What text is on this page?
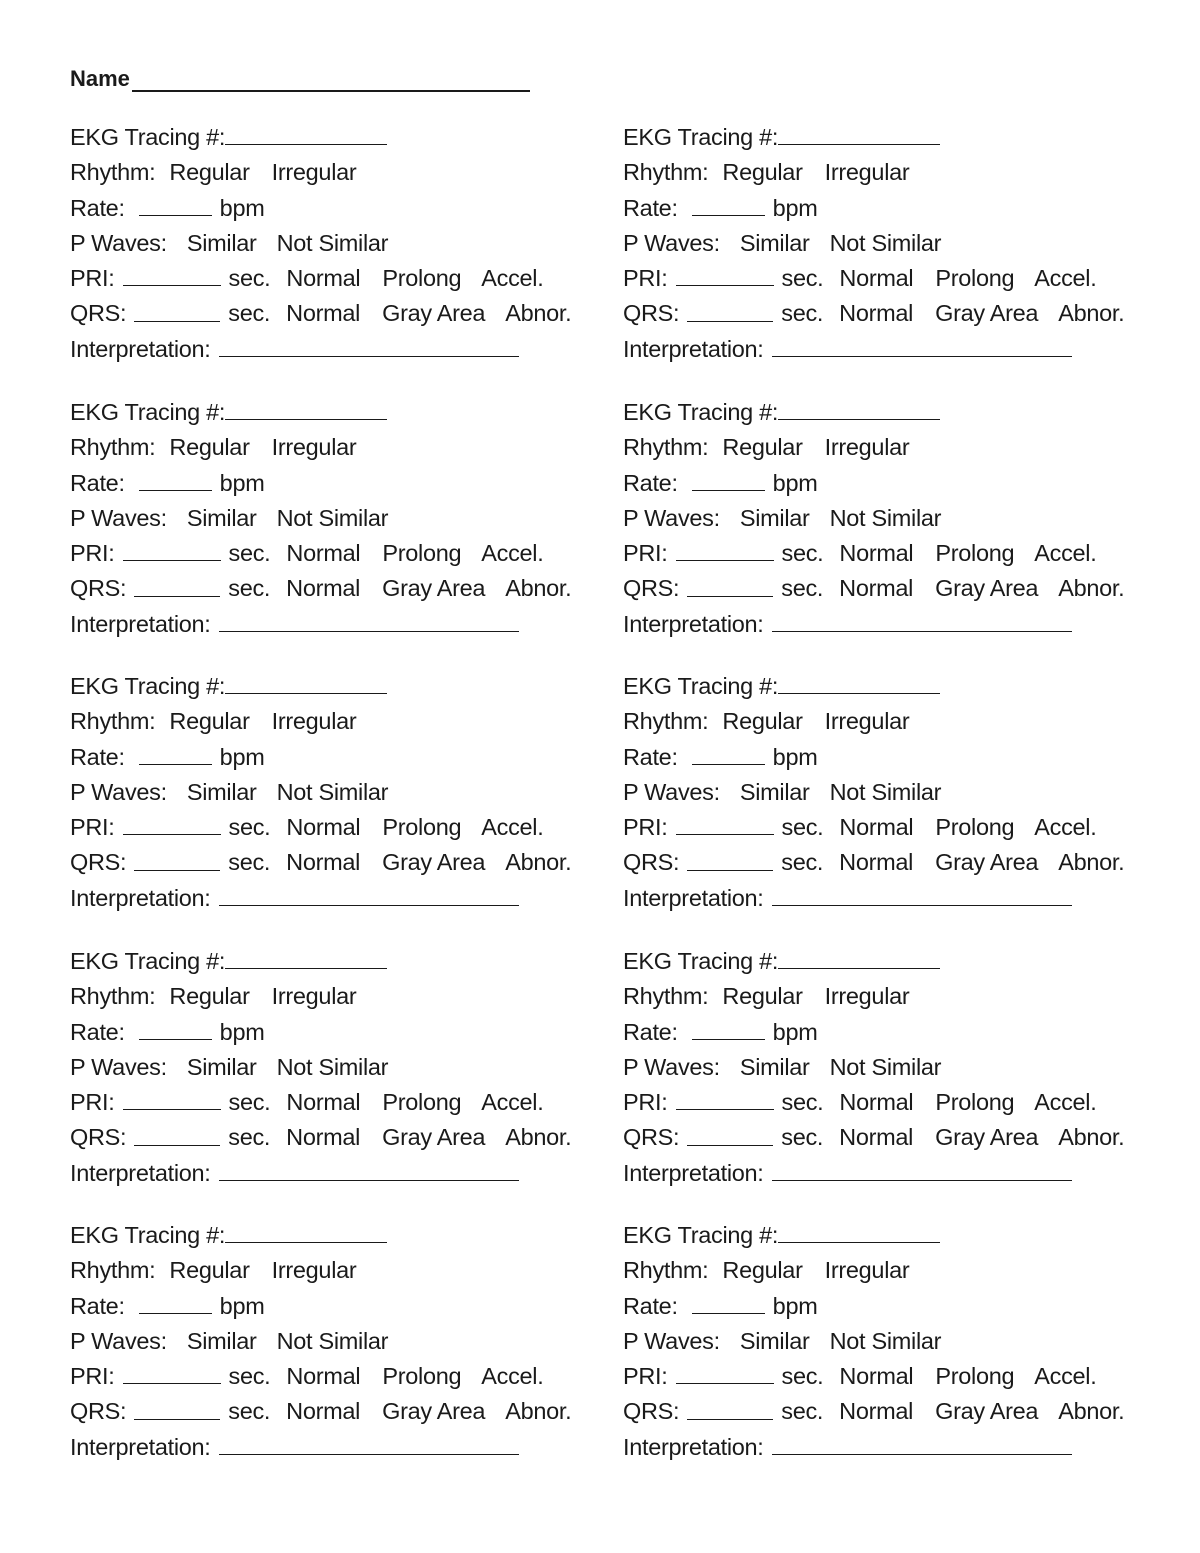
Name
EKG Tracing #:
Rhythm: Regular Irregular
Rate:	bpm
P Waves: Similar Not Similar
PRI:	sec. Normal Prolong Accel.
QRS:	sec. Normal Gray Area Abnor.
Interpretation:
EKG Tracing #:
Rhythm: Regular Irregular
Rate:	bpm
P Waves: Similar Not Similar
PRI:	sec. Normal Prolong Accel.
QRS:	sec. Normal Gray Area Abnor.
Interpretation:
EKG Tracing #:
Rhythm: Regular Irregular
Rate:	bpm
P Waves: Similar Not Similar
PRI:	sec. Normal Prolong Accel.
QRS:	sec. Normal Gray Area Abnor.
Interpretation:
EKG Tracing #:
Rhythm: Regular Irregular
Rate:	bpm
P Waves: Similar Not Similar
PRI:	sec. Normal Prolong Accel.
QRS:	sec. Normal Gray Area Abnor.
Interpretation:
EKG Tracing #:
Rhythm: Regular Irregular
Rate:	bpm
P Waves: Similar Not Similar
PRI:	sec. Normal Prolong Accel.
QRS:	sec. Normal Gray Area Abnor.
Interpretation:
EKG Tracing #:
Rhythm: Regular Irregular
Rate:	bpm
P Waves: Similar Not Similar
PRI:	sec. Normal Prolong Accel.
QRS:	sec. Normal Gray Area Abnor.
Interpretation:
EKG Tracing #:
Rhythm: Regular Irregular
Rate:	bpm
P Waves: Similar Not Similar
PRI:	sec. Normal Prolong Accel.
QRS:	sec. Normal Gray Area Abnor.
Interpretation:
EKG Tracing #:
Rhythm: Regular Irregular
Rate:	bpm
P Waves: Similar Not Similar
PRI:	sec. Normal Prolong Accel.
QRS:	sec. Normal Gray Area Abnor.
Interpretation:
EKG Tracing #:
Rhythm: Regular Irregular
Rate:	bpm
P Waves: Similar Not Similar
PRI:	sec. Normal Prolong Accel.
QRS:	sec. Normal Gray Area Abnor.
Interpretation:
EKG Tracing #:
Rhythm: Regular Irregular
Rate:	bpm
P Waves: Similar Not Similar
PRI:	sec. Normal Prolong Accel.
QRS:	sec. Normal Gray Area Abnor.
Interpretation:
